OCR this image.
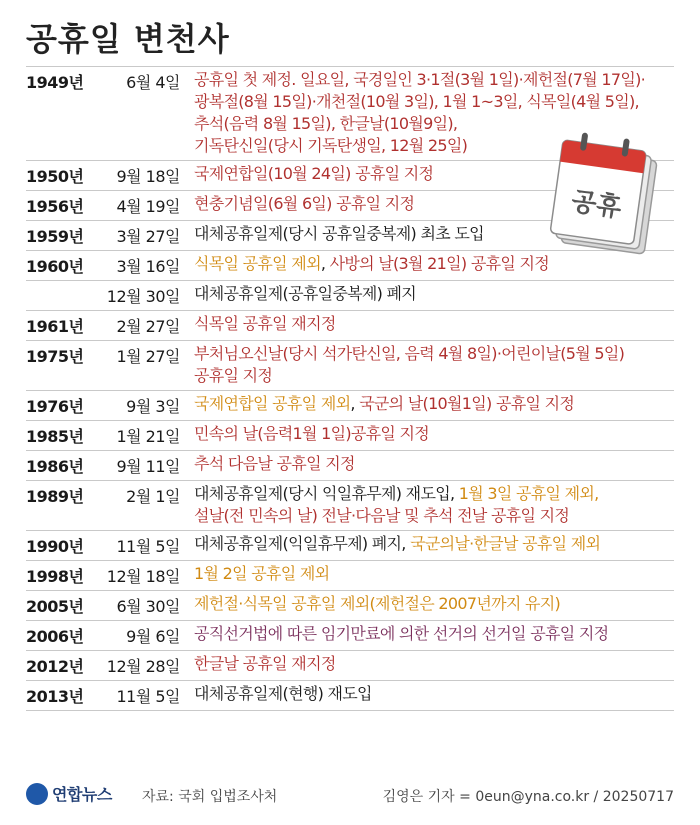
공휴일 변천사
1949년	6월 4일 공휴일 첫 제정. 일요일, 국경일인 3·1절(3월 1일)·제헌절(7월 17일)·
광복절(8월 15일)·개천절(10월 3일), 1월 1~3일, 식목일(4월 5일),
추석(음력 8월 15일), 한글날(10월9일),
기독탄신일(당시 기독탄생일, 12월 25일)
1950년	9월 18일 국제연합일(10월 24일) 공휴일 지정
1956년	4월 19일 현충기념일(6월 6일) 공휴일 지정
1959년	3월 27일 대체공휴일제(당시 공휴일중복제) 최초 도입
1960년	3월 16일 식목일 공휴일 제외, 사방의 날(3월 21일) 공휴일 지정
12월 30일 대체공휴일제(공휴일중복제) 폐지
1961년	2월 27일 식목일 공휴일 재지정
1975년	1월 27일 부처님오신날(당시 석가탄신일, 음력 4월 8일)·어린이날(5월 5일)
공휴일 지정
1976년	9월 3일 국제연합일 공휴일 제외, 국군의 날(10월1일) 공휴일 지정
1985년	1월 21일 민속의 날(음력1월 1일)공휴일 지정
1986년	9월 11일 추석 다음날 공휴일 지정
1989년	2월 1일 대체공휴일제(당시 익일휴무제) 재도입, 1월 3일 공휴일 제외,
설날(전 민속의 날) 전날·다음날 및 추석 전날 공휴일 지정
1990년	11월 5일 대체공휴일제(익일휴무제) 폐지, 국군의날·한글날 공휴일 제외
1998년	12월 18일 1월 2일 공휴일 제외
2005년	6월 30일 제헌절·식목일 공휴일 제외(제헌절은 2007년까지 유지)
2006년	9월 6일 공직선거법에 따른 임기만료에 의한 선거의 선거일 공휴일 지정
2012년	12월 28일 한글날 공휴일 재지정
2013년	11월 5일 대체공휴일제(현행) 재도입
공휴
연합뉴스 자료: 국회 입법조사처	김영은 기자 = 0eun@yna.co.kr / 20250717
